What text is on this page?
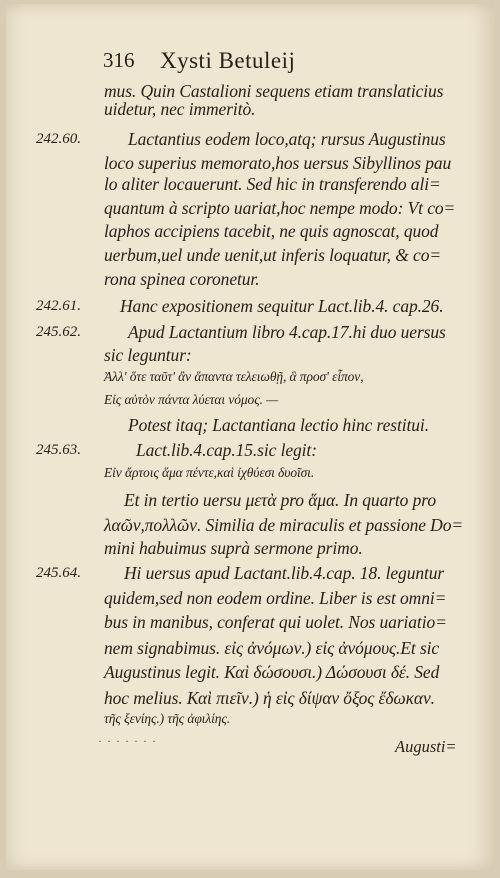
316 Xysti Betuleij
mus. Quin Castalioni sequens etiam translaticius
uidetur, nec immeritò.
Lactantius eodem loco,atq; rursus Augustinus
loco superius memorato,hos uersus Sibyllinos pau
lo aliter locauerunt. Sed hic in transferendo ali=
quantum à scripto uariat,hoc nempe modo: Vt co=
laphos accipiens tacebit, ne quis agnoscat, quod
uerbum,uel unde uenit,ut inferis loquatur, & co=
rona spinea coronetur.
Hanc expositionem sequitur Lact.lib.4. cap.26.
Apud Lactantium libro 4.cap.17.hi duo uersus
sic leguntur:
Ἀλλ' ὅτε ταῦτ' ἂν ἅπαντα τελειωθῇ, ἃ προσ' εἶπον,
Εἰς αὐτὸν πάντα λύεται νόμος. —
Potest itaq; Lactantiana lectio hinc restitui.
Lact.lib.4.cap.15.sic legit:
Εἰν ἄρτοις ἅμα πέντε,καὶ ἰχθύεσι δυοῖσι.
Et in tertio uersu μετὰ pro ἅμα. In quarto pro
λαῶν,πολλῶν. Similia de miraculis et passione Do=
mini habuimus suprà sermone primo.
Hi uersus apud Lactant.lib.4.cap. 18. leguntur
quidem,sed non eodem ordine. Liber is est omni=
bus in manibus, conferat qui uolet. Nos uariatio=
nem signabimus. εἰς ἀνόμων.) εἰς ἀνόμους.Et sic
Augustinus legit. Καὶ δώσουσι.) Δώσουσι δέ. Sed
hoc melius. Καὶ πιεῖν.) ἡ εἰς δίψαν ὄξος ἔδωκαν.
τῆς ξενίης.) τῆς ἀφιλίης.
242.60.
242.61.
245.62.
245.63.
245.64.
· · · · · · ·	Augusti=
